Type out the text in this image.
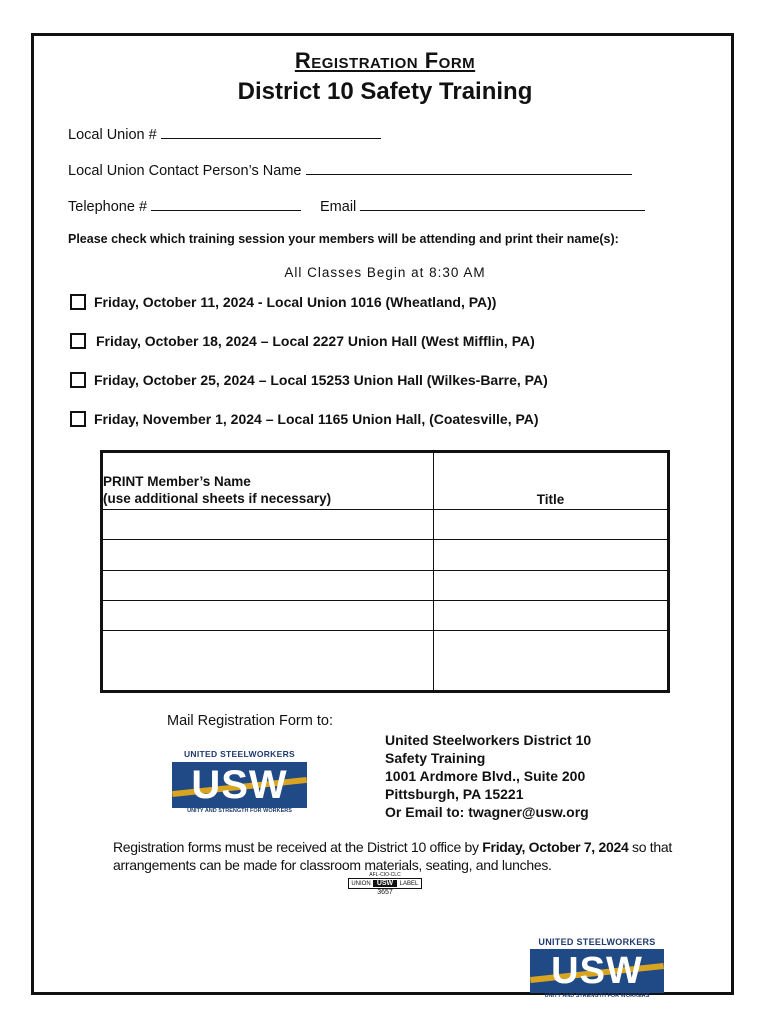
Registration Form
District 10 Safety Training
Local Union #
Local Union Contact Person’s Name
Telephone #	Email
Please check which training session your members will be attending and print their name(s):
All Classes Begin at 8:30 AM
Friday, October 11, 2024 - Local Union 1016 (Wheatland, PA))
Friday, October 18, 2024 – Local 2227 Union Hall (West Mifflin, PA)
Friday, October 25, 2024 – Local 15253 Union Hall (Wilkes-Barre, PA)
Friday, November 1, 2024 – Local 1165 Union Hall, (Coatesville, PA)
PRINT Member’s Name
(use additional sheets if necessary)	Title

Mail Registration Form to:
UNITED STEELWORKERS
USW
UNITY AND STRENGTH FOR WORKERS
United Steelworkers District 10
Safety Training
1001 Ardmore Blvd., Suite 200
Pittsburgh, PA 15221
Or Email to: twagner@usw.org
Registration forms must be received at the District 10 office by Friday, October 7, 2024 so that
arrangements can be made for classroom materials, seating, and lunches.
AFL-CIO-CLC
UNION USW	LABEL
3657
UNITED STEELWORKERS
USW
UNITY AND STRENGTH FOR WORKERS
